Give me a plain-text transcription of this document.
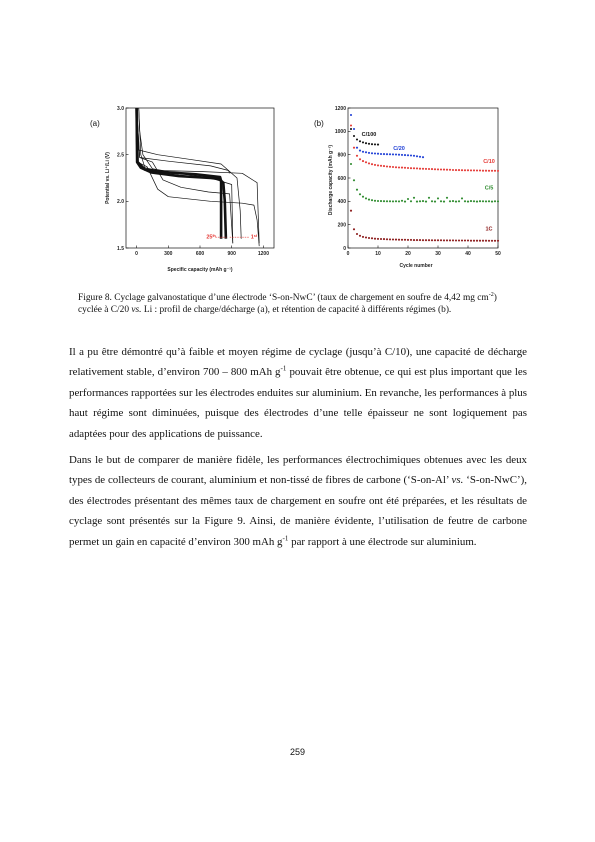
(a)
0	300	600	900	1200
1.5
2.0
2.5
3.0
25ᵗʰ	1ˢᵗ
Specific capacity (mAh g⁻¹)
Potential vs. Li⁺/Li (V)
(b)
0	10	20	30	40	50
0
200
400
600
800
1000
1200
C/100
C/20
C/10
C/5
1C
Cycle number
Discharge capacity (mAh g⁻¹)
Figure 8. Cyclage galvanostatique d’une électrode ‘S-on-NwC’ (taux de chargement en soufre de 4,42 mg $cm^{-2}$) cyclée à C/20 vs. Li : profil de charge/décharge (a), et rétention de capacité à différents régimes (b).

Il a pu être démontré qu’à faible et moyen régime de cyclage (jusqu’à C/10), une capacité de décharge relativement stable, d’environ 700 – 800 mAh $g^{-1}$ pouvait être obtenue, ce qui est plus important que les performances rapportées sur les électrodes enduites sur aluminium. En revanche, les performances à plus haut régime sont diminuées, puisque des électrodes d’une telle épaisseur ne sont logiquement pas adaptées pour des applications de puissance.

Dans le but de comparer de manière fidèle, les performances électrochimiques obtenues avec les deux types de collecteurs de courant, aluminium et non-tissé de fibres de carbone (‘S-on-Al’ vs. ‘S-on-NwC’), des électrodes présentant des mêmes taux de chargement en soufre ont été préparées, et les résultats de cyclage sont présentés sur la Figure 9. Ainsi, de manière évidente, l’utilisation de feutre de carbone permet un gain en capacité d’environ 300 mAh $g^{-1}$ par rapport à une électrode sur aluminium.

259
